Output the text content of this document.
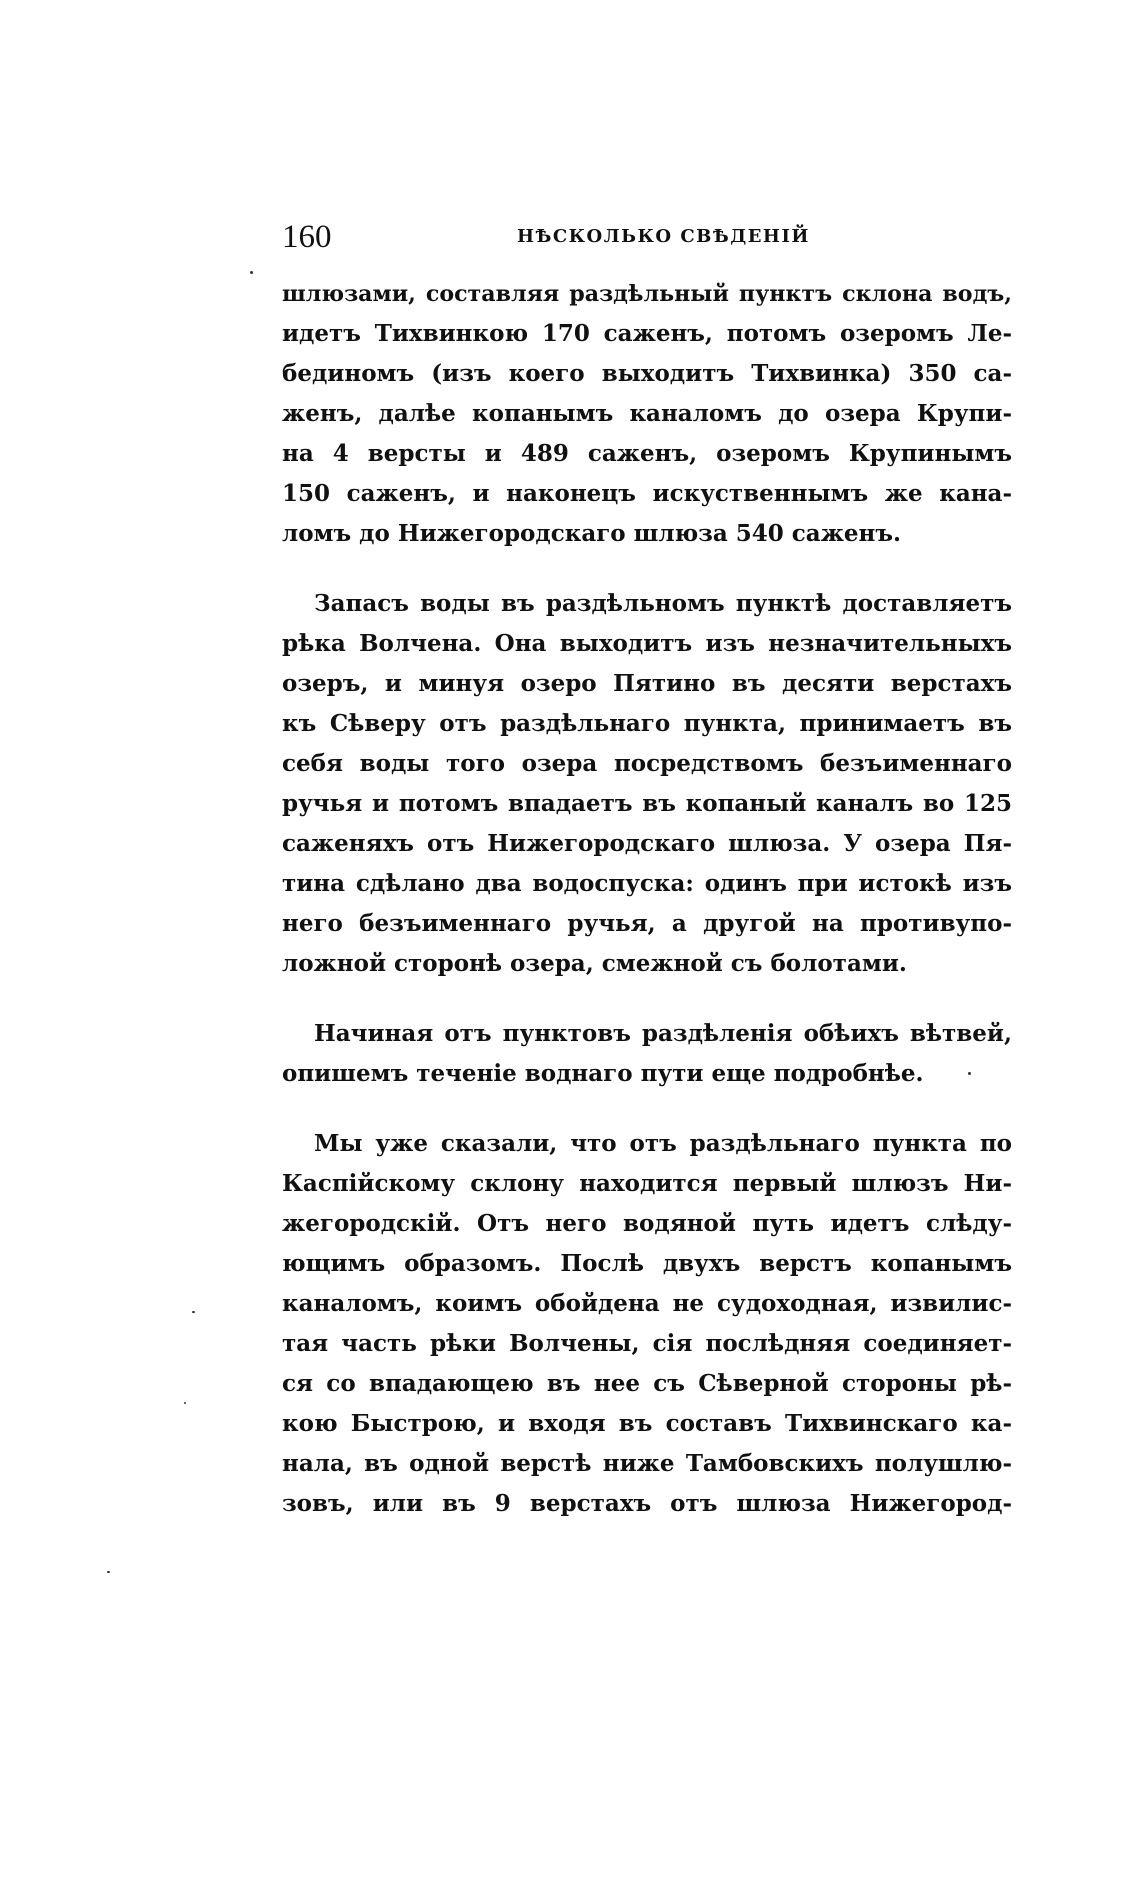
160	НѢСКОЛЬКО СВѢДЕНІЙ
шлюзами, составляя раздѣльный пунктъ склона водъ,
идетъ Тихвинкою 170 саженъ, потомъ озеромъ Ле-
бединомъ (изъ коего выходитъ Тихвинка) 350 са-
женъ, далѣе копанымъ каналомъ до озера Крупи-
на 4 версты и 489 саженъ, озеромъ Крупинымъ
150 саженъ, и наконецъ искуственнымъ же кана-
ломъ до Нижегородскаго шлюза 540 саженъ.
Запасъ воды въ раздѣльномъ пунктѣ доставляетъ
рѣка Волчена. Она выходитъ изъ незначительныхъ
озеръ, и минуя озеро Пятино въ десяти верстахъ
къ Сѣверу отъ раздѣльнаго пункта, принимаетъ въ
себя воды того озера посредствомъ безъименнаго
ручья и потомъ впадаетъ въ копаный каналъ во 125
саженяхъ отъ Нижегородскаго шлюза. У озера Пя-
тина сдѣлано два водоспуска: одинъ при истокѣ изъ
него безъименнаго ручья, а другой на противупо-
ложной сторонѣ озера, смежной съ болотами.
Начиная отъ пунктовъ раздѣленія обѣихъ вѣтвей,
опишемъ теченіе воднаго пути еще подробнѣе.
Мы уже сказали, что отъ раздѣльнаго пункта по
Каспійскому склону находится первый шлюзъ Ни-
жегородскій. Отъ него водяной путь идетъ слѣду-
ющимъ образомъ. Послѣ двухъ верстъ копанымъ
каналомъ, коимъ обойдена не судоходная, извилис-
тая часть рѣки Волчены, сія послѣдняя соединяет-
ся со впадающею въ нее съ Сѣверной стороны рѣ-
кою Быстрою, и входя въ составъ Тихвинскаго ка-
нала, въ одной верстѣ ниже Тамбовскихъ полушлю-
зовъ, или въ 9 верстахъ отъ шлюза Нижегород-
